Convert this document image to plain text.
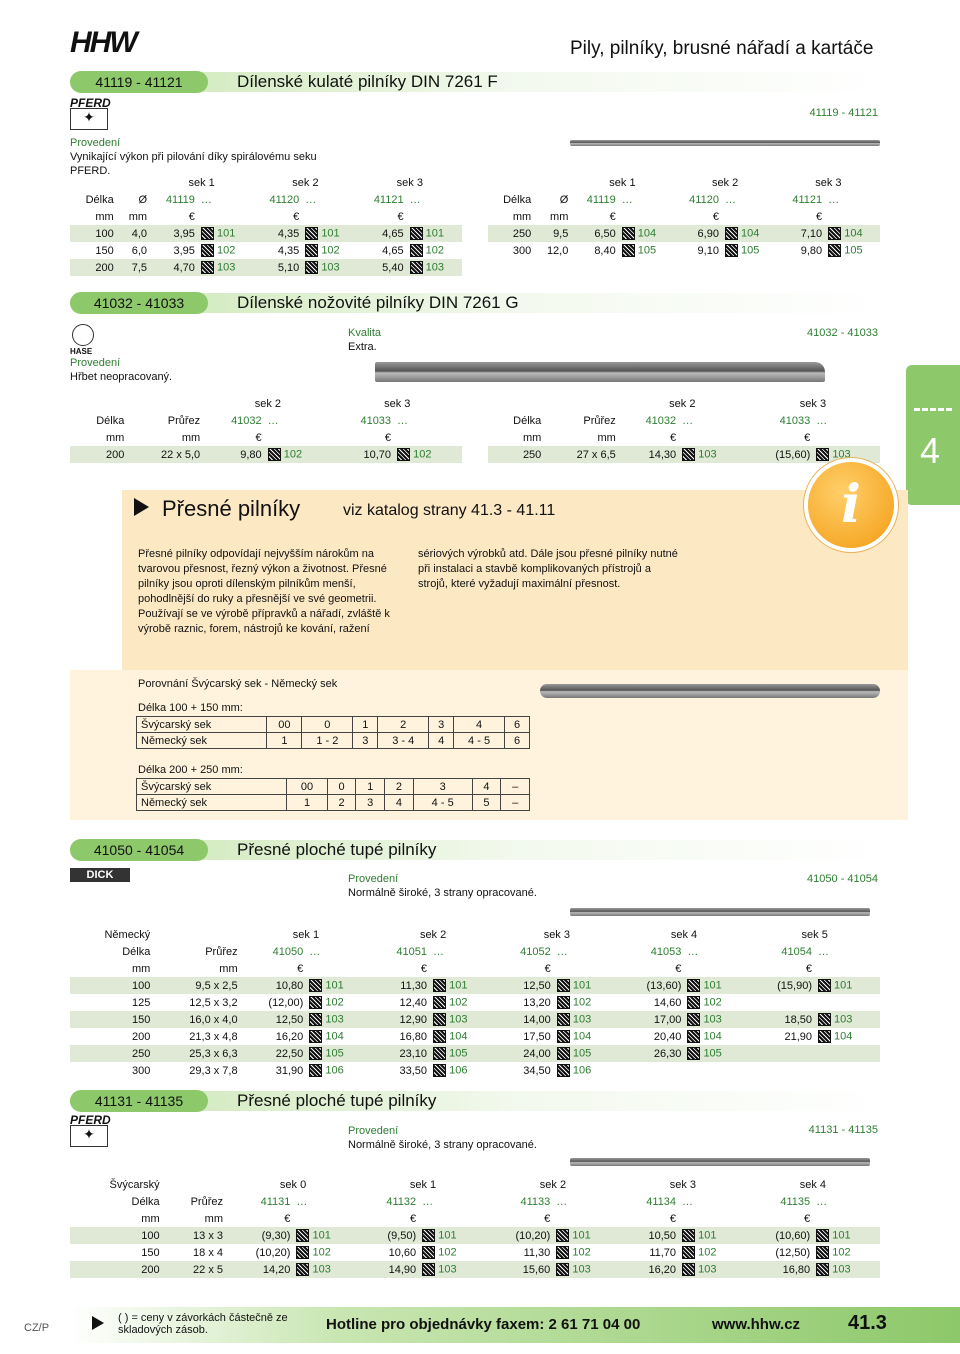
HHW	Pily, pilníky, brusné nářadí a kartáče
41119 - 41121	Dílenské kulaté pilníky DIN 7261 F
PFERD
✦	41119 - 41121
Provedení
Vynikající výkon při pilování díky spirálovému seku PFERD.
		sek 1		sek 2		sek 3	
Délka	Ø	41119	…	41120	…	41121	…
mm	mm	€		€		€	
100	4,0	3,95	101	4,35	101	4,65	101
150	6,0	3,95	102	4,35	102	4,65	102
200	7,5	4,70	103	5,10	103	5,40	103
		sek 1		sek 2		sek 3	
Délka	Ø	41119	…	41120	…	41121	…
mm	mm	€		€		€	
250	9,5	6,50	104	6,90	104	7,10	104
300	12,0	8,40	105	9,10	105	9,80	105
41032 - 41033	Dílenské nožovité pilníky DIN 7261 G
HASE
Kvalita
Extra.
41032 - 41033
Provedení
Hřbet neopracovaný.
		sek 2		sek 3	
Délka	Průřez	41032	…	41033	…
mm	mm	€		€	
200	22 x 5,0	9,80	102	10,70	102
		sek 2		sek 3	
Délka	Průřez	41032	…	41033	…
mm	mm	€		€	
250	27 x 6,5	14,30	103	(15,60)	103 4
Přesné pilníky	viz katalog strany 41.3 - 41.11	i
Přesné pilníky odpovídají nejvyšším nárokům na tvarovou přesnost, řezný výkon a životnost. Přesné pilníky jsou oproti dílenským pilníkům menší, pohodlnější do ruky a přesnější ve své geometrii. Používají se ve výrobě přípravků a nářadí, zvláště k výrobě raznic, forem, nástrojů ke kování, ražení
sériových výrobků atd. Dále jsou přesné pilníky nutné při instalaci a stavbě komplikovaných přístrojů a strojů, které vyžadují maximální přesnost.
Porovnání Švýcarský sek - Německý sek
Délka 100 + 150 mm:
Švýcarský sek	00	0	1	2	3	4	6
Německý sek	1	1 - 2	3	3 - 4	4	4 - 5	6
Délka 200 + 250 mm:
Švýcarský sek	00	0	1	2	3	4	–
Německý sek	1	2	3	4	4 - 5	5	–
41050 - 41054	Přesné ploché tupé pilníky
DICK	Provedení
Normálně široké, 3 strany opracované.
41050 - 41054
Německý		sek 1		sek 2		sek 3		sek 4		sek 5	
Délka	Průřez	41050	…	41051	…	41052	…	41053	…	41054	…
mm	mm	€		€		€		€		€	
100	9,5 x 2,5	10,80	101	11,30	101	12,50	101	(13,60)	101	(15,90)	101
125	12,5 x 3,2	(12,00)	102	12,40	102	13,20	102	14,60	102		
150	16,0 x 4,0	12,50	103	12,90	103	14,00	103	17,00	103	18,50	103
200	21,3 x 4,8	16,20	104	16,80	104	17,50	104	20,40	104	21,90	104
250	25,3 x 6,3	22,50	105	23,10	105	24,00	105	26,30	105		
300	29,3 x 7,8	31,90	106	33,50	106	34,50	106				
41131 - 41135	Přesné ploché tupé pilníky
PFERD
✦	Provedení
Normálně široké, 3 strany opracované.
41131 - 41135
Švýcarský		sek 0		sek 1		sek 2		sek 3		sek 4	
Délka	Průřez	41131	…	41132	…	41133	…	41134	…	41135	…
mm	mm	€		€		€		€		€	
100	13 x 3	(9,30)	101	(9,50)	101	(10,20)	101	10,50	101	(10,60)	101
150	18 x 4	(10,20)	102	10,60	102	11,30	102	11,70	102	(12,50)	102
200	22 x 5	14,20	103	14,90	103	15,60	103	16,20	103	16,80	103
CZ/P
( ) = ceny v závorkách částečně ze skladových zásob.	Hotline pro objednávky faxem: 2 61 71 04 00	www.hhw.cz 41.3
